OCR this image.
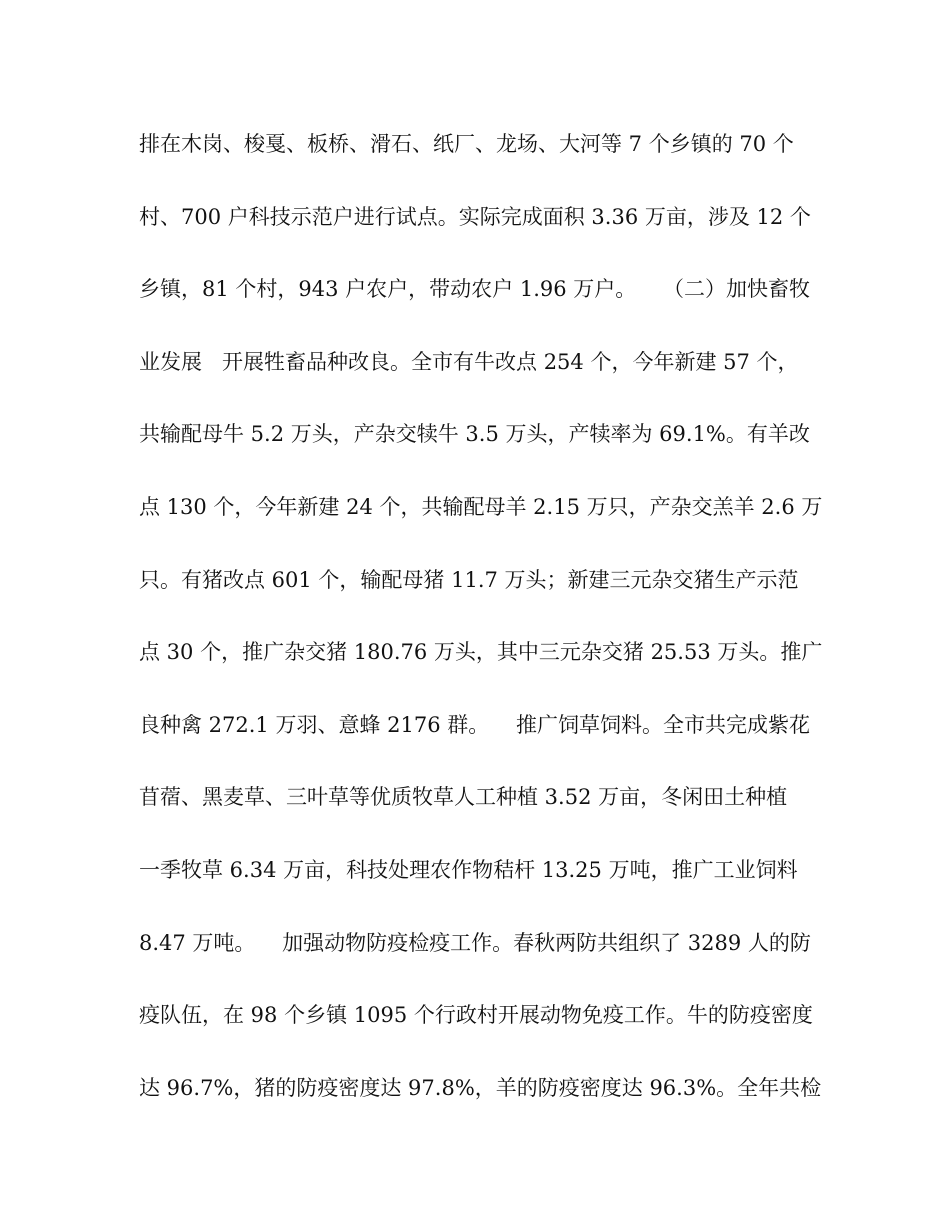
排在木岗、梭戛、板桥、滑石、纸厂、龙场、大河等 7 个乡镇的 70 个
村、700 户科技示范户进行试点。实际完成面积 3.36 万亩，涉及 12 个
乡镇，81 个村，943 户农户，带动农户 1.96 万户。    （二）加快畜牧
业发展   开展牲畜品种改良。全市有牛改点 254 个，今年新建 57 个，
共输配母牛 5.2 万头，产杂交犊牛 3.5 万头，产犊率为 69.1%。有羊改
点 130 个，今年新建 24 个，共输配母羊 2.15 万只，产杂交羔羊 2.6 万
只。有猪改点 601 个，输配母猪 11.7 万头；新建三元杂交猪生产示范
点 30 个，推广杂交猪 180.76 万头，其中三元杂交猪 25.53 万头。推广
良种禽 272.1 万羽、意蜂 2176 群。    推广饲草饲料。全市共完成紫花
苜蓿、黑麦草、三叶草等优质牧草人工种植 3.52 万亩，冬闲田土种植
一季牧草 6.34 万亩，科技处理农作物秸杆 13.25 万吨，推广工业饲料
8.47 万吨。    加强动物防疫检疫工作。春秋两防共组织了 3289 人的防
疫队伍，在 98 个乡镇 1095 个行政村开展动物免疫工作。牛的防疫密度
达 96.7%，猪的防疫密度达 97.8%，羊的防疫密度达 96.3%。全年共检
